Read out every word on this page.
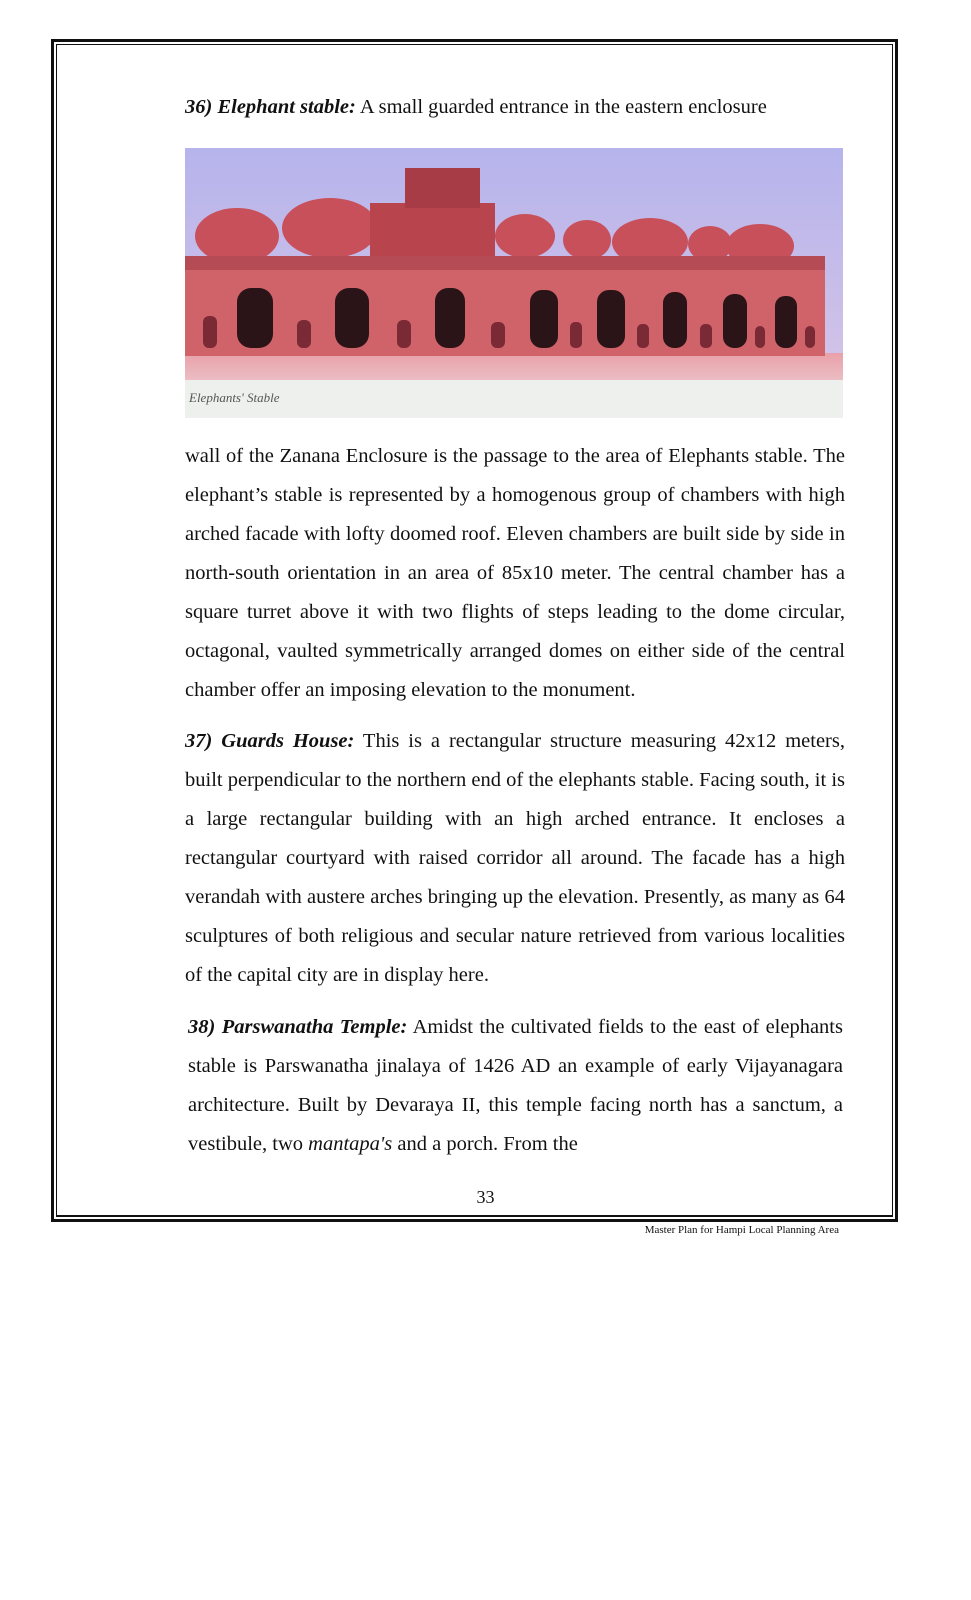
36) Elephant stable: A small guarded entrance in the eastern enclosure

Elephants' Stable

wall of the Zanana Enclosure is the passage to the area of Elephants stable. The elephant’s stable is represented by a homogenous group of chambers with high arched facade with lofty doomed roof. Eleven chambers are built side by side in north-south orientation in an area of 85x10 meter. The central chamber has a square turret above it with two flights of steps leading to the dome circular, octagonal, vaulted symmetrically arranged domes on either side of the central chamber offer an imposing elevation to the monument.

37) Guards House: This is a rectangular structure measuring 42x12 meters, built perpendicular to the northern end of the elephants stable. Facing south, it is a large rectangular building with an high arched entrance. It encloses a rectangular courtyard with raised corridor all around. The facade has a high verandah with austere arches bringing up the elevation. Presently, as many as 64 sculptures of both religious and secular nature retrieved from various localities of the capital city are in display here.

38) Parswanatha Temple: Amidst the cultivated fields to the east of elephants stable is Parswanatha jinalaya of 1426 AD an example of early Vijayanagara architecture. Built by Devaraya II, this temple facing north has a sanctum, a vestibule, two mantapa's and a porch. From the

33
Master Plan for Hampi Local Planning Area
